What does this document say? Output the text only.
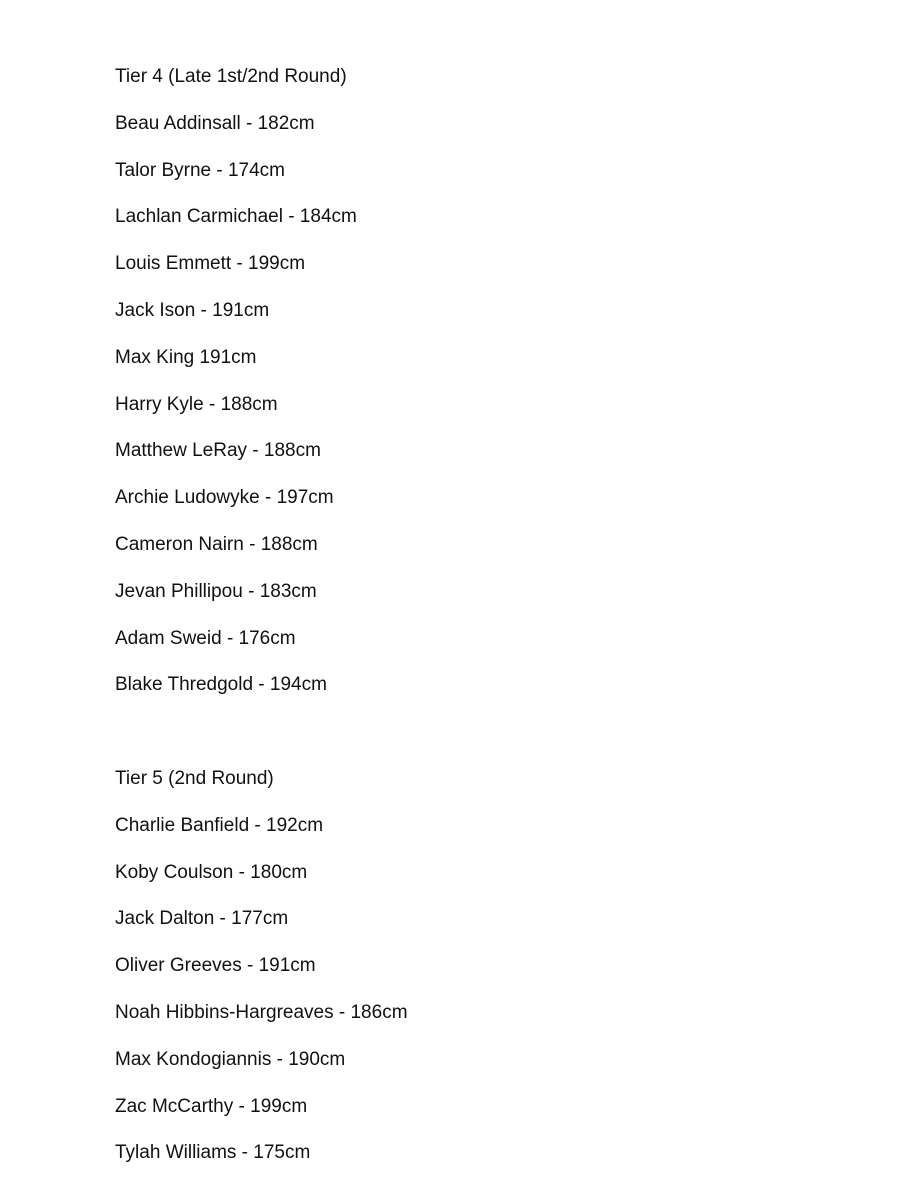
Tier 4 (Late 1st/2nd Round)
Beau Addinsall - 182cm
Talor Byrne - 174cm
Lachlan Carmichael - 184cm
Louis Emmett - 199cm
Jack Ison - 191cm
Max King 191cm
Harry Kyle - 188cm
Matthew LeRay - 188cm
Archie Ludowyke - 197cm
Cameron Nairn - 188cm
Jevan Phillipou - 183cm
Adam Sweid - 176cm
Blake Thredgold - 194cm
Tier 5 (2nd Round)
Charlie Banfield - 192cm
Koby Coulson - 180cm
Jack Dalton - 177cm
Oliver Greeves - 191cm
Noah Hibbins-Hargreaves - 186cm
Max Kondogiannis - 190cm
Zac McCarthy - 199cm
Tylah Williams - 175cm
